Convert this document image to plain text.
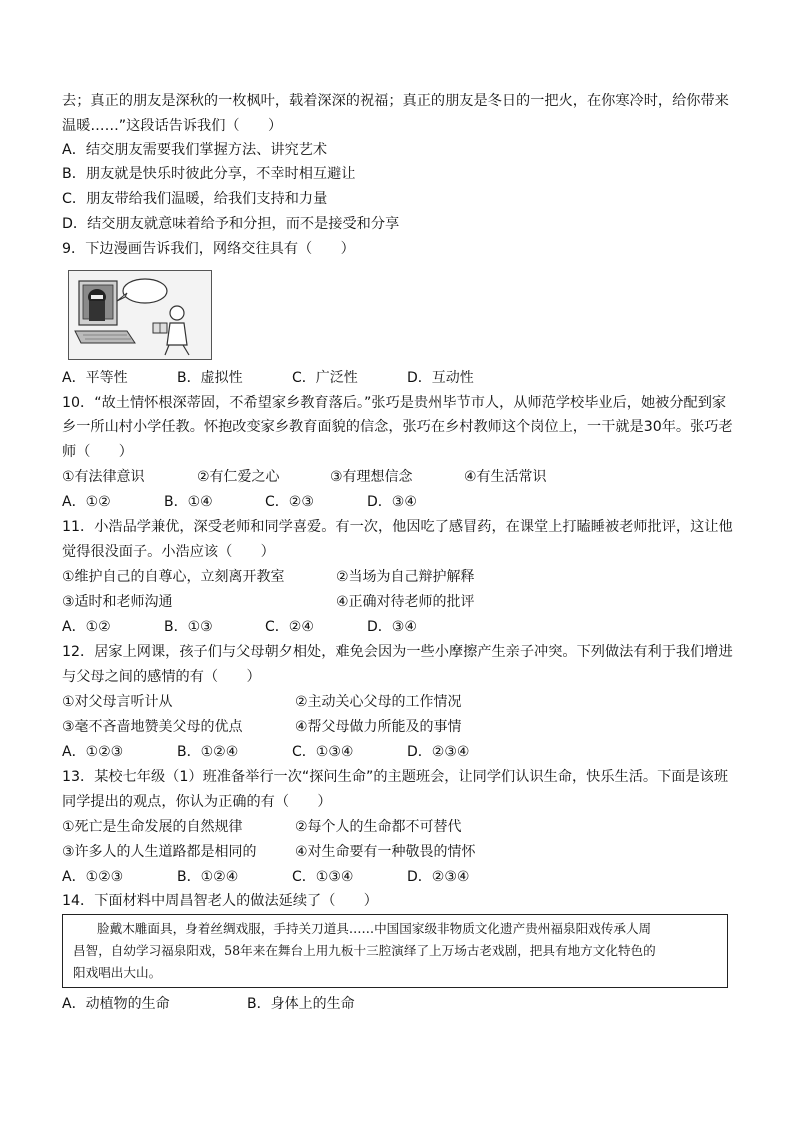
去；真正的朋友是深秋的一枚枫叶，载着深深的祝福；真正的朋友是冬日的一把火，在你寒冷时，给你带来
温暖……”这段话告诉我们（　　）
A．结交朋友需要我们掌握方法、讲究艺术
B．朋友就是快乐时彼此分享，不幸时相互避让
C．朋友带给我们温暖，给我们支持和力量
D．结交朋友就意味着给予和分担，而不是接受和分享
9．下边漫画告诉我们，网络交往具有（　　）
A．平等性	B．虚拟性	C．广泛性	D．互动性
10．“故土情怀根深蒂固，不希望家乡教育落后。”张巧是贵州毕节市人，从师范学校毕业后，她被分配到家
乡一所山村小学任教。怀抱改变家乡教育面貌的信念，张巧在乡村教师这个岗位上，一干就是30年。张巧老
师（　　）
①有法律意识	②有仁爱之心	③有理想信念	④有生活常识
A．①②	B．①④	C．②③	D．③④
11．小浩品学兼优，深受老师和同学喜爱。有一次，他因吃了感冒药，在课堂上打瞌睡被老师批评，这让他
觉得很没面子。小浩应该（　　）
①维护自己的自尊心，立刻离开教室	②当场为自己辩护解释
③适时和老师沟通	④正确对待老师的批评
A．①②	B．①③	C．②④	D．③④
12．居家上网课，孩子们与父母朝夕相处，难免会因为一些小摩擦产生亲子冲突。下列做法有利于我们增进
与父母之间的感情的有（　　）
①对父母言听计从	②主动关心父母的工作情况
③毫不吝啬地赞美父母的优点	④帮父母做力所能及的事情
A．①②③	B．①②④	C．①③④	D．②③④
13．某校七年级（1）班准备举行一次“探问生命”的主题班会，让同学们认识生命，快乐生活。下面是该班
同学提出的观点，你认为正确的有（　　）
①死亡是生命发展的自然规律	②每个人的生命都不可替代
③许多人的人生道路都是相同的	④对生命要有一种敬畏的情怀
A．①②③	B．①②④	C．①③④	D．②③④
14．下面材料中周昌智老人的做法延续了（　　）
脸戴木雕面具，身着丝绸戏服，手持关刀道具……中国国家级非物质文化遗产贵州福泉阳戏传承人周
昌智，自幼学习福泉阳戏，58年来在舞台上用九板十三腔演绎了上万场古老戏剧，把具有地方文化特色的
阳戏唱出大山。
A．动植物的生命	B．身体上的生命
